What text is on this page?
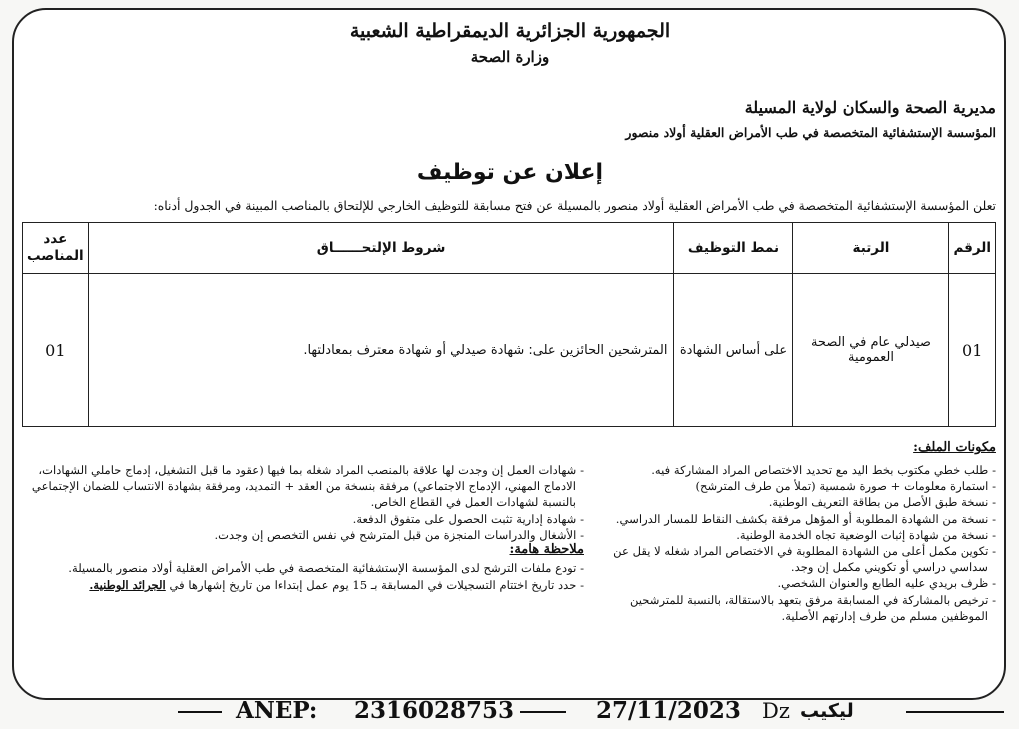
الجمهورية الجزائرية الديمقراطية الشعبية
وزارة الصحة
مديرية الصحة والسكان لولاية المسيلة
المؤسسة الإستشفائية المتخصصة في طب الأمراض العقلية أولاد منصور
إعلان عن توظيف
تعلن المؤسسة الإستشفائية المتخصصة في طب الأمراض العقلية أولاد منصور بالمسيلة عن فتح مسابقة للتوظيف الخارجي للإلتحاق بالمناصب المبينة في الجدول أدناه:
الرقم	الرتبة	نمط التوظيف	شروط الإلتحــــــاق	عدد المناصب
01	صيدلي عام في الصحة العمومية	على أساس الشهادة	المترشحين الحائزين على: شهادة صيدلي أو شهادة معترف بمعادلتها.	01
مكونات الملف:
- طلب خطي مكتوب بخط اليد مع تحديد الاختصاص المراد المشاركة فيه.
- استمارة معلومات + صورة شمسية (تملأ من طرف المترشح)
- نسخة طبق الأصل من بطاقة التعريف الوطنية.
- نسخة من الشهادة المطلوبة أو المؤهل مرفقة بكشف النقاط للمسار الدراسي.
- نسخة من شهادة إثبات الوضعية تجاه الخدمة الوطنية.
- تكوين مكمل أعلى من الشهادة المطلوبة في الاختصاص المراد شغله لا يقل عن
سداسي دراسي أو تكويني مكمل إن وجد.
- ظرف بريدي عليه الطابع والعنوان الشخصي.
- ترخيص بالمشاركة في المسابقة مرفق بتعهد بالاستقالة، بالنسبة للمترشحين
الموظفين مسلم من طرف إدارتهم الأصلية.
- شهادات العمل إن وجدت لها علاقة بالمنصب المراد شغله بما فيها (عقود ما قبل التشغيل، إدماج حاملي الشهادات،
الادماج المهني، الإدماج الاجتماعي) مرفقة بنسخة من العقد + التمديد، ومرفقة بشهادة الانتساب للضمان الإجتماعي
بالنسبة لشهادات العمل في القطاع الخاص.
- شهادة إدارية تثبت الحصول على متفوق الدفعة.
- الأشغال والدراسات المنجزة من قبل المترشح في نفس التخصص إن وجدت.
ملاحظة هامة:
- تودع ملفات الترشح لدى المؤسسة الإستشفائية المتخصصة في طب الأمراض العقلية أولاد منصور بالمسيلة.
- حدد تاريخ اختتام التسجيلات في المسابقة بـ 15 يوم عمل إبتداءا من تاريخ إشهارها في الجرائد الوطنية.
ANEP: 2316028753	27/11/2023 Dz ليكيب
